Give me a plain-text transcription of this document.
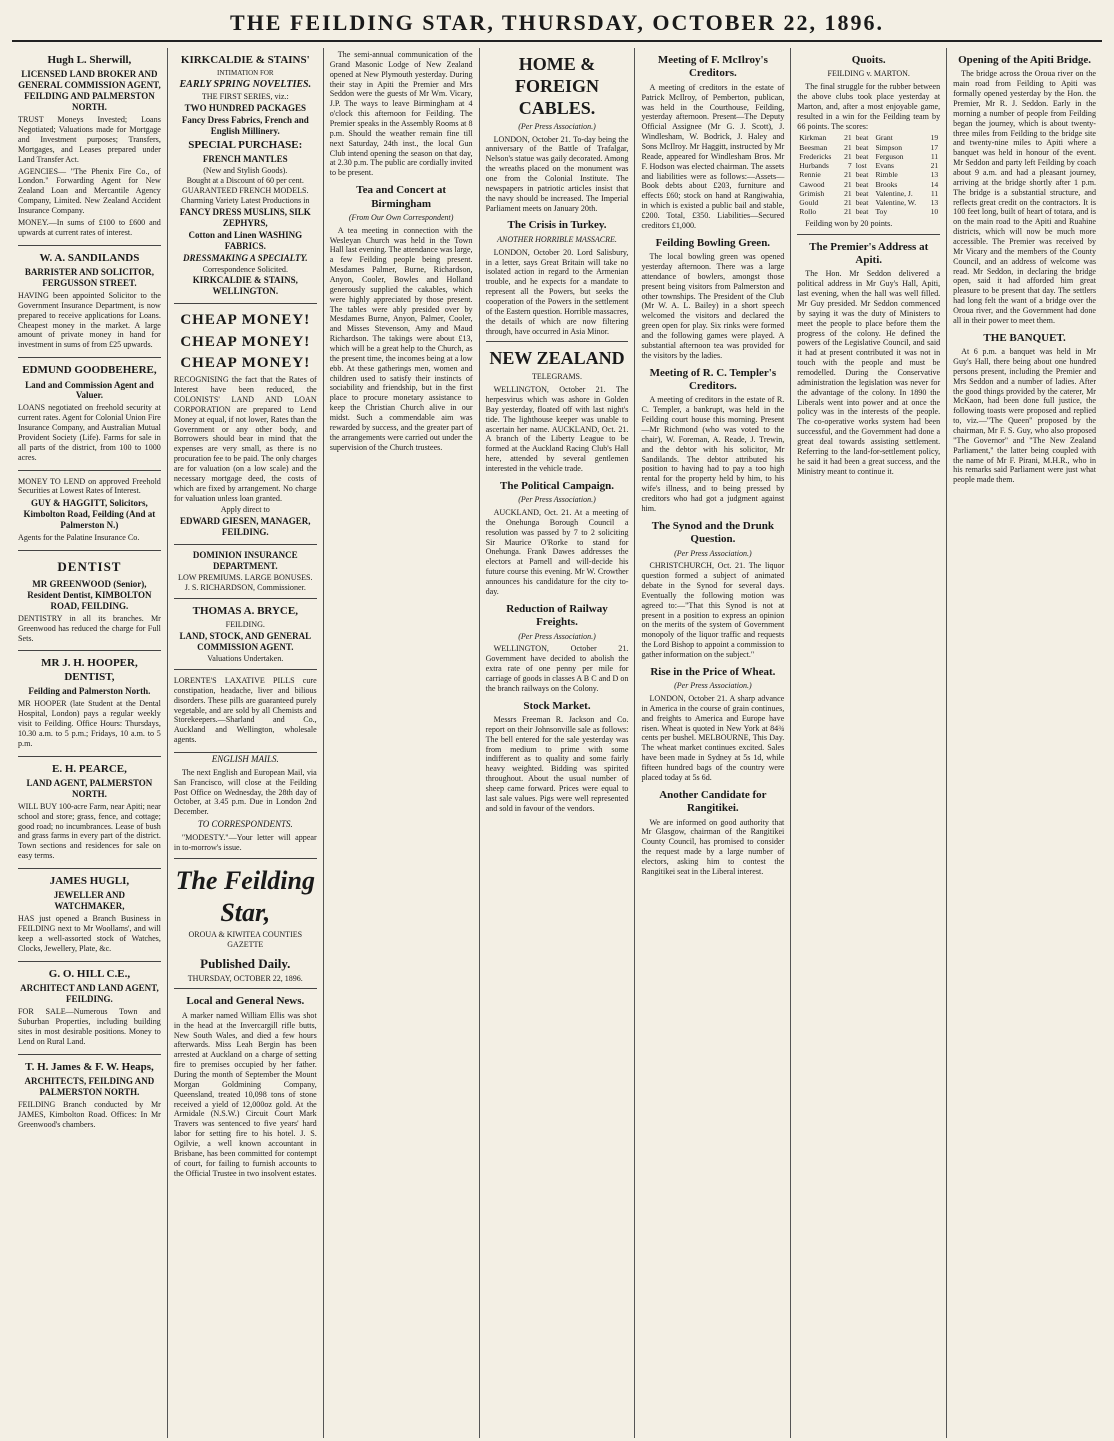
THE FEILDING STAR, THURSDAY, OCTOBER 22, 1896.
Hugh L. Sherwill,
LICENSED LAND BROKER AND GENERAL COMMISSION AGENT, FEILDING AND PALMERSTON NORTH.
TRUST Moneys Invested; Loans Negotiated; Valuations made for Mortgage and Investment purposes; Transfers, Mortgages, and Leases prepared under Land Transfer Act.
AGENCIES— "The Phenix Fire Co., of London." Forwarding Agent for New Zealand Loan and Mercantile Agency Company, Limited. New Zealand Accident Insurance Company.
MONEY.—In sums of £100 to £600 and upwards at current rates of interest.
W. A. SANDILANDS
BARRISTER AND SOLICITOR, FERGUSSON STREET.
HAVING been appointed Solicitor to the Government Insurance Department, is now prepared to receive applications for Loans. Cheapest money in the market. A large amount of private money in hand for investment in sums of from £25 upwards.
EDMUND GOODBEHERE,
Land and Commission Agent and Valuer.
LOANS negotiated on freehold security at current rates. Agent for Colonial Union Fire Insurance Company, and Australian Mutual Provident Society (Life). Farms for sale in all parts of the district, from 100 to 1000 acres.
MONEY TO LEND on approved Freehold Securities at Lowest Rates of Interest.
GUY & HAGGITT, Solicitors, Kimbolton Road, Feilding (And at Palmerston N.)
Agents for the Palatine Insurance Co.
DENTIST
MR GREENWOOD (Senior), Resident Dentist, KIMBOLTON ROAD, FEILDING.
DENTISTRY in all its branches. Mr Greenwood has reduced the charge for Full Sets.
MR J. H. HOOPER, DENTIST,
Feilding and Palmerston North.
MR HOOPER (late Student at the Dental Hospital, London) pays a regular weekly visit to Feilding. Office Hours: Thursdays, 10.30 a.m. to 5 p.m.; Fridays, 10 a.m. to 5 p.m.
E. H. PEARCE,
LAND AGENT, PALMERSTON NORTH.
WILL BUY 100-acre Farm, near Apiti; near school and store; grass, fence, and cottage; good road; no incumbrances. Lease of bush and grass farms in every part of the district. Town sections and residences for sale on easy terms.
JAMES HUGLI,
JEWELLER AND WATCHMAKER,
HAS just opened a Branch Business in FEILDING next to Mr Woollams', and will keep a well-assorted stock of Watches, Clocks, Jewellery, Plate, &c.
G. O. HILL C.E.,
ARCHITECT AND LAND AGENT, FEILDING.
FOR SALE—Numerous Town and Suburban Properties, including building sites in most desirable positions. Money to Lend on Rural Land.
T. H. James & F. W. Heaps,
ARCHITECTS, FEILDING AND PALMERSTON NORTH.
FEILDING Branch conducted by Mr JAMES, Kimbolton Road. Offices: In Mr Greenwood's chambers.
KIRKCALDIE & STAINS'
INTIMATION FOR
EARLY SPRING NOVELTIES.
THE FIRST SERIES, viz.:
TWO HUNDRED PACKAGES
Fancy Dress Fabrics, French and English Millinery.
SPECIAL PURCHASE:
FRENCH MANTLES
(New and Stylish Goods).
Bought at a Discount of 60 per cent.
GUARANTEED FRENCH MODELS.
Charming Variety Latest Productions in
FANCY DRESS MUSLINS, SILK ZEPHYRS,
Cotton and Linen WASHING FABRICS.
DRESSMAKING A SPECIALTY.
Correspondence Solicited.
KIRKCALDIE & STAINS, WELLINGTON.
CHEAP MONEY!
CHEAP MONEY!
CHEAP MONEY!
RECOGNISING the fact that the Rates of Interest have been reduced, the COLONISTS' LAND AND LOAN CORPORATION are prepared to Lend Money at equal, if not lower, Rates than the Government or any other body, and Borrowers should bear in mind that the expenses are very small, as there is no procuration fee to be paid. The only charges are for valuation (on a low scale) and the necessary mortgage deed, the costs of which are fixed by arrangement. No charge for valuation unless loan granted.
Apply direct to
EDWARD GIESEN, MANAGER, FEILDING.
DOMINION INSURANCE DEPARTMENT.
LOW PREMIUMS. LARGE BONUSES.
J. S. RICHARDSON, Commissioner.
THOMAS A. BRYCE,
FEILDING.
LAND, STOCK, AND GENERAL COMMISSION AGENT.
Valuations Undertaken.
LORENTE'S LAXATIVE PILLS cure constipation, headache, liver and bilious disorders. These pills are guaranteed purely vegetable, and are sold by all Chemists and Storekeepers.—Sharland and Co., Auckland and Wellington, wholesale agents.
ENGLISH MAILS.
The next English and European Mail, via San Francisco, will close at the Feilding Post Office on Wednesday, the 28th day of October, at 3.45 p.m. Due in London 2nd December.
TO CORRESPONDENTS.
"MODESTY."—Your letter will appear in to-morrow's issue.
The Feilding Star,
OROUA & KIWITEA COUNTIES GAZETTE
Published Daily.
THURSDAY, OCTOBER 22, 1896.
Local and General News.
A marker named William Ellis was shot in the head at the Invercargill rifle butts, New South Wales, and died a few hours afterwards. Miss Leah Bergin has been arrested at Auckland on a charge of setting fire to premises occupied by her father. During the month of September the Mount Morgan Goldmining Company, Queensland, treated 10,098 tons of stone received a yield of 12,000oz gold. At the Armidale (N.S.W.) Circuit Court Mark Travers was sentenced to five years' hard labor for setting fire to his hotel. J. S. Ogilvie, a well known accountant in Brisbane, has been committed for contempt of court, for failing to furnish accounts to the Official Trustee in two insolvent estates.
The semi-annual communication of the Grand Masonic Lodge of New Zealand opened at New Plymouth yesterday. During their stay in Apiti the Premier and Mrs Seddon were the guests of Mr Wm. Vicary, J.P. The ways to leave Birmingham at 4 o'clock this afternoon for Feilding. The Premier speaks in the Assembly Rooms at 8 p.m. Should the weather remain fine till next Saturday, 24th inst., the local Gun Club intend opening the season on that day, at 2.30 p.m. The public are cordially invited to be present.
Tea and Concert at Birmingham
(From Our Own Correspondent)
A tea meeting in connection with the Wesleyan Church was held in the Town Hall last evening. The attendance was large, a few Feilding people being present. Mesdames Palmer, Burne, Richardson, Anyon, Cooler, Bowles and Holland generously supplied the cakables, which were highly appreciated by those present. The tables were ably presided over by Mesdames Burne, Anyon, Palmer, Cooler, and Misses Stevenson, Amy and Maud Richardson. The takings were about £13, which will be a great help to the Church, as the present time, the incomes being at a low ebb. At these gatherings men, women and children used to satisfy their instincts of sociability and friendship, but in the first place to procure monetary assistance to keep the Christian Church alive in our midst. Such a commendable aim was rewarded by success, and the greater part of the arrangements were carried out under the supervision of the Church trustees.
HOME & FOREIGN CABLES.
(Per Press Association.)
LONDON, October 21. To-day being the anniversary of the Battle of Trafalgar, Nelson's statue was gaily decorated. Among the wreaths placed on the monument was one from the Colonial Institute. The newspapers in patriotic articles insist that the navy should be increased. The Imperial Parliament meets on January 20th.
The Crisis in Turkey.
ANOTHER HORRIBLE MASSACRE.
LONDON, October 20. Lord Salisbury, in a letter, says Great Britain will take no isolated action in regard to the Armenian trouble, and he expects for a mandate to represent all the Powers, but seeks the cooperation of the Powers in the settlement of the Eastern question. Horrible massacres, the details of which are now filtering through, have occurred in Asia Minor.
NEW ZEALAND
TELEGRAMS.
WELLINGTON, October 21. The herpesvirus which was ashore in Golden Bay yesterday, floated off with last night's tide. The lighthouse keeper was unable to ascertain her name. AUCKLAND, Oct. 21. A branch of the Liberty League to be formed at the Auckland Racing Club's Hall here, attended by several gentlemen interested in the vehicle trade.
The Political Campaign.
(Per Press Association.)
AUCKLAND, Oct. 21. At a meeting of the Onehunga Borough Council a resolution was passed by 7 to 2 soliciting Sir Maurice O'Rorke to stand for Onehunga. Frank Dawes addresses the electors at Parnell and will-decide his future course this evening. Mr W. Crowther announces his candidature for the city to-day.
Reduction of Railway Freights.
(Per Press Association.)
WELLINGTON, October 21. Government have decided to abolish the extra rate of one penny per mile for carriage of goods in classes A B C and D on the branch railways on the Colony.
Stock Market.
Messrs Freeman R. Jackson and Co. report on their Johnsonville sale as follows: The bell entered for the sale yesterday was from medium to prime with some indifferent as to quality and some fairly heavy weighted. Bidding was spirited throughout. About the usual number of sheep came forward. Prices were equal to last sale values. Pigs were well represented and sold in favour of the vendors.
Meeting of F. McIlroy's Creditors.
A meeting of creditors in the estate of Patrick McIlroy, of Pemberton, publican, was held in the Courthouse, Feilding, yesterday afternoon. Present—The Deputy Official Assignee (Mr G. J. Scott), J. Windlesham, W. Bodrick, J. Haley and Sons McIlroy. Mr Haggitt, instructed by Mr Reade, appeared for Windlesham Bros. Mr F. Hodson was elected chairman. The assets and liabilities were as follows:—Assets—Book debts about £203, furniture and effects £60; stock on hand at Rangiwahia, in which is existed a public bail and stable, £200. Total, £350. Liabilities—Secured creditors £1,000.
Feilding Bowling Green.
The local bowling green was opened yesterday afternoon. There was a large attendance of bowlers, amongst those present being visitors from Palmerston and other townships. The President of the Club (Mr W. A. L. Bailey) in a short speech welcomed the visitors and declared the green open for play. Six rinks were formed and the following games were played. A substantial afternoon tea was provided for the visitors by the ladies.
Meeting of R. C. Templer's Creditors.
A meeting of creditors in the estate of R. C. Templer, a bankrupt, was held in the Feilding court house this morning. Present—Mr Richmond (who was voted to the chair), W. Foreman, A. Reade, J. Trewin, and the debtor with his solicitor, Mr Sandilands. The debtor attributed his position to having had to pay a too high rental for the property held by him, to his wife's illness, and to being pressed by creditors who had got a judgment against him.
The Synod and the Drunk Question.
(Per Press Association.)
CHRISTCHURCH, Oct. 21. The liquor question formed a subject of animated debate in the Synod for several days. Eventually the following motion was agreed to:—"That this Synod is not at present in a position to express an opinion on the merits of the system of Government monopoly of the liquor traffic and requests the Lord Bishop to appoint a commission to gather information on the subject."
Rise in the Price of Wheat.
(Per Press Association.)
LONDON, October 21. A sharp advance in America in the course of grain continues, and freights to America and Europe have risen. Wheat is quoted in New York at 84¾ cents per bushel. MELBOURNE, This Day. The wheat market continues excited. Sales have been made in Sydney at 5s 1d, while fifteen hundred bags of the country were placed today at 5s 6d.
Another Candidate for Rangitikei.
We are informed on good authority that Mr Glasgow, chairman of the Rangitikei County Council, has promised to consider the request made by a large number of electors, asking him to contest the Rangitikei seat in the Liberal interest.
Quoits.
FEILDING v. MARTON.
The final struggle for the rubber between the above clubs took place yesterday at Marton, and, after a most enjoyable game, resulted in a win for the Feilding team by 66 points. The scores:
Kirkman	21	beat	Grant	19
Beesman	21	beat	Simpson	17
Fredericks	21	beat	Ferguson	11
Hurbands	7	lost	Evans	21
Rennie	21	beat	Rimble	13
Cawood	21	beat	Brooks	14
Grimish	21	beat	Valentine, J.	11
Gould	21	beat	Valentine, W.	13
Rollo	21	beat	Toy	10
Feilding won by 20 points.
The Premier's Address at Apiti.
The Hon. Mr Seddon delivered a political address in Mr Guy's Hall, Apiti, last evening, when the hall was well filled. Mr Guy presided. Mr Seddon commenced by saying it was the duty of Ministers to meet the people to place before them the progress of the colony. He defined the powers of the Legislative Council, and said it had at present contributed it was not in touch with the people and must be remodelled. During the Conservative administration the legislation was never for the advantage of the colony. In 1890 the Liberals went into power and at once the policy was in the interests of the people. The co-operative works system had been successful, and the Government had done a great deal towards assisting settlement. Referring to the land-for-settlement policy, he said it had been a great success, and the Ministry meant to continue it.
Opening of the Apiti Bridge.
The bridge across the Oroua river on the main road from Feilding to Apiti was formally opened yesterday by the Hon. the Premier, Mr R. J. Seddon. Early in the morning a number of people from Feilding began the journey, which is about twenty-three miles from Feilding to the bridge site and twenty-nine miles to Apiti where a banquet was held in honour of the event. Mr Seddon and party left Feilding by coach about 9 a.m. and had a pleasant journey, arriving at the bridge shortly after 1 p.m. The bridge is a substantial structure, and reflects great credit on the contractors. It is 100 feet long, built of heart of totara, and is on the main road to the Apiti and Ruahine districts, which will now be much more accessible. The Premier was received by Mr Vicary and the members of the County Council, and an address of welcome was read. Mr Seddon, in declaring the bridge open, said it had afforded him great pleasure to be present that day. The settlers had long felt the want of a bridge over the Oroua river, and the Government had done all in their power to meet them.
THE BANQUET.
At 6 p.m. a banquet was held in Mr Guy's Hall, there being about one hundred persons present, including the Premier and Mrs Seddon and a number of ladies. After the good things provided by the caterer, Mr McKaon, had been done full justice, the following toasts were proposed and replied to, viz.—"The Queen" proposed by the chairman, Mr F. S. Guy, who also proposed "The Governor" and "The New Zealand Parliament," the latter being coupled with the name of Mr F. Pirani, M.H.R., who in his remarks said Parliament were just what people made them.
